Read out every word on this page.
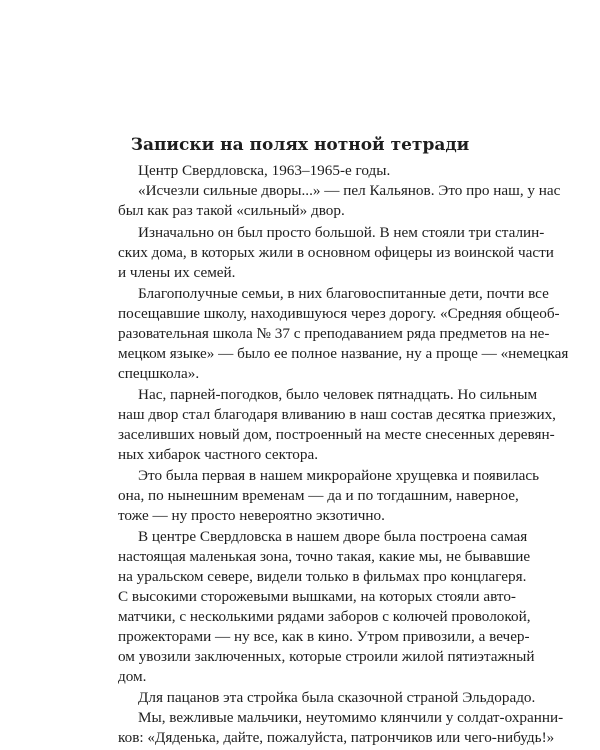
Записки на полях нотной тетради

Центр Свердловска, 1963–1965-е годы.

«Исчезли сильные дворы...» — пел Кальянов. Это про наш, у нас

был как раз такой «сильный» двор.

Изначально он был просто большой. В нем стояли три сталин-

ских дома, в которых жили в основном офицеры из воинской части

и члены их семей.

Благополучные семьи, в них благовоспитанные дети, почти все

посещавшие школу, находившуюся через дорогу. «Средняя общеоб-

разовательная школа № 37 с преподаванием ряда предметов на не-

мецком языке» — было ее полное название, ну а проще — «немецкая

спецшкола».

Нас, парней-погодков, было человек пятнадцать. Но сильным

наш двор стал благодаря вливанию в наш состав десятка приезжих,

заселивших новый дом, построенный на месте снесенных деревян-

ных хибарок частного сектора.

Это была первая в нашем микрорайоне хрущевка и появилась

она, по нынешним временам — да и по тогдашним, наверное,

тоже — ну просто невероятно экзотично.

В центре Свердловска в нашем дворе была построена самая

настоящая маленькая зона, точно такая, какие мы, не бывавшие

на уральском севере, видели только в фильмах про концлагеря.

С высокими сторожевыми вышками, на которых стояли авто-

матчики, с несколькими рядами заборов с колючей проволокой,

прожекторами — ну все, как в кино. Утром привозили, а вечер-

ом увозили заключенных, которые строили жилой пятиэтажный

дом.

Для пацанов эта стройка была сказочной страной Эльдорадо.

Мы, вежливые мальчики, неутомимо клянчили у солдат-охранни-

ков: «Дяденька, дайте, пожалуйста, патрончиков или чего-нибудь!»
